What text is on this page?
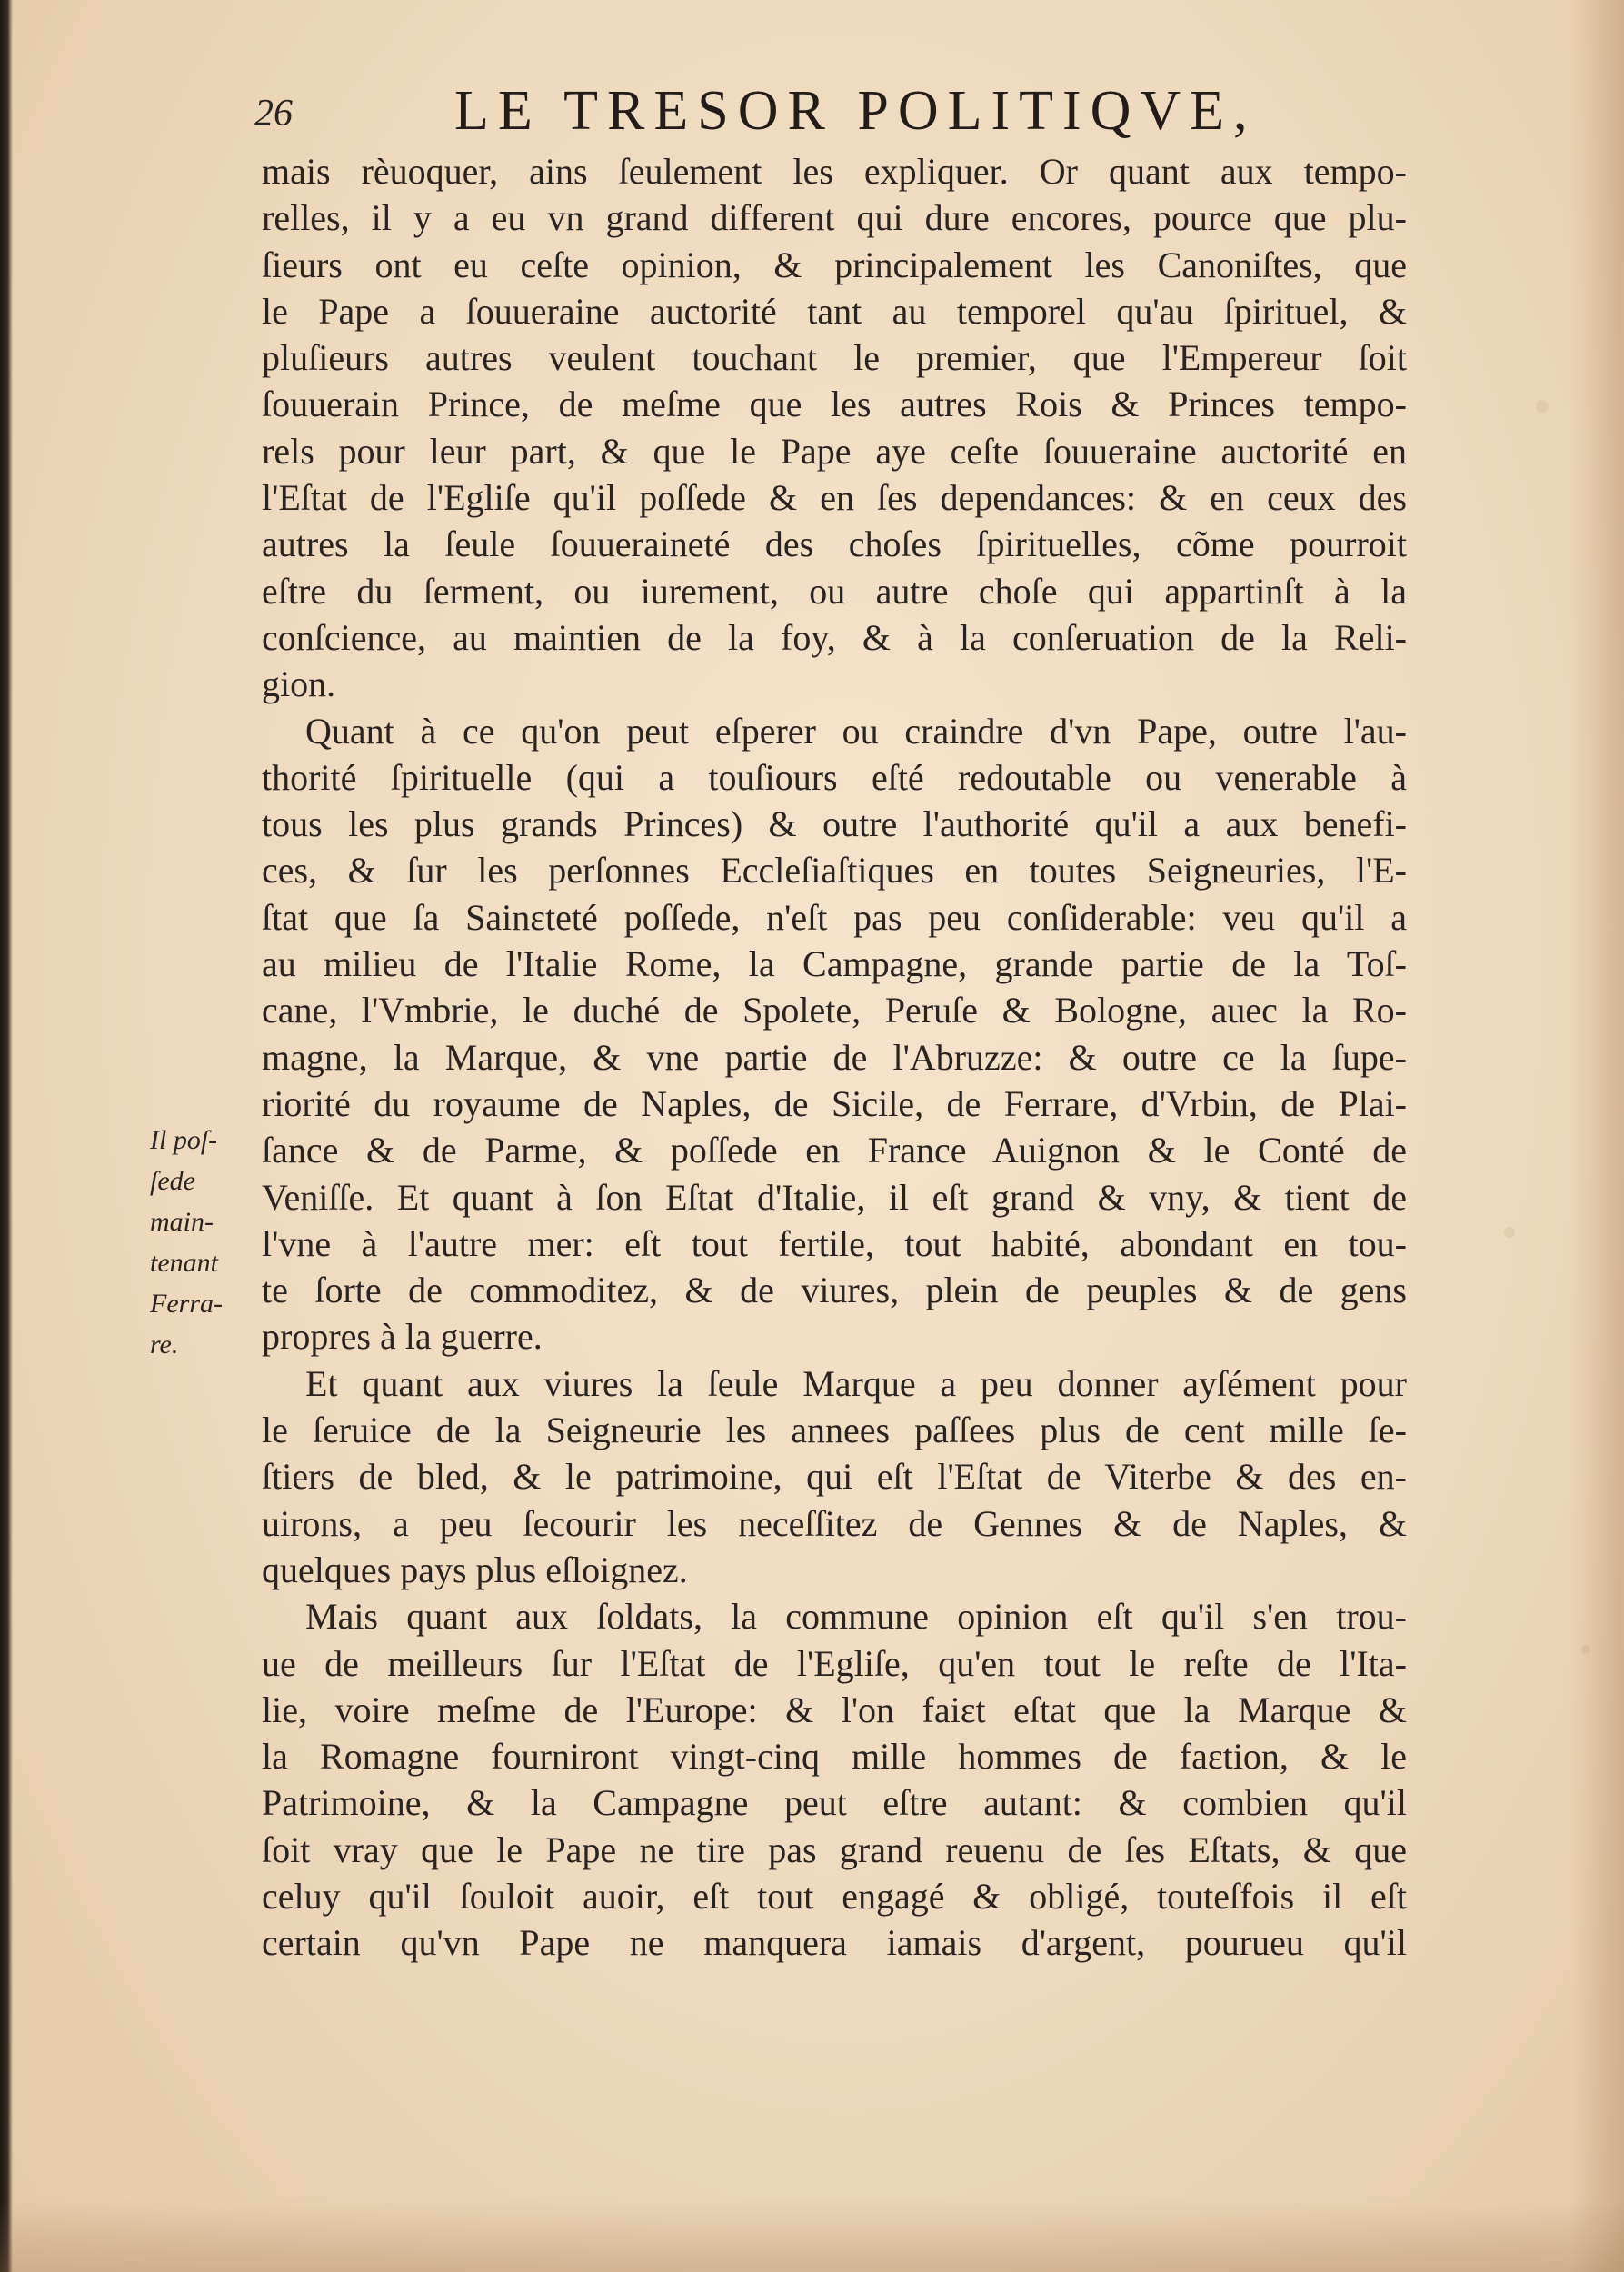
26	LE TRESOR POLITIQVE,
mais rèuoquer, ains ſeulement les expliquer. Or quant aux tempo-
relles, il y a eu vn grand different qui dure encores, pource que plu-
ſieurs ont eu ceſte opinion, & principalement les Canoniſtes, que
le Pape a ſouueraine auctorité tant au temporel qu'au ſpirituel, &
pluſieurs autres veulent touchant le premier, que l'Empereur ſoit
ſouuerain Prince, de meſme que les autres Rois & Princes tempo-
rels pour leur part, & que le Pape aye ceſte ſouueraine auctorité en
l'Eſtat de l'Egliſe qu'il poſſede & en ſes dependances: & en ceux des
autres la ſeule ſouueraineté des choſes ſpirituelles, cõme pourroit
eſtre du ſerment, ou iurement, ou autre choſe qui appartinſt à la
conſcience, au maintien de la foy, & à la conſeruation de la Reli-
gion.
Quant à ce qu'on peut eſperer ou craindre d'vn Pape, outre l'au-
thorité ſpirituelle (qui a touſiours eſté redoutable ou venerable à
tous les plus grands Princes) & outre l'authorité qu'il a aux benefi-
ces, & ſur les perſonnes Eccleſiaſtiques en toutes Seigneuries, l'E-
ſtat que ſa Sainɛteté poſſede, n'eſt pas peu conſiderable: veu qu'il a
au milieu de l'Italie Rome, la Campagne, grande partie de la Toſ-
cane, l'Vmbrie, le duché de Spolete, Peruſe & Bologne, auec la Ro-
magne, la Marque, & vne partie de l'Abruzze: & outre ce la ſupe-
riorité du royaume de Naples, de Sicile, de Ferrare, d'Vrbin, de Plai-
ſance & de Parme, & poſſede en France Auignon & le Conté de
Veniſſe. Et quant à ſon Eſtat d'Italie, il eſt grand & vny, & tient de
l'vne à l'autre mer: eſt tout fertile, tout habité, abondant en tou-
te ſorte de commoditez, & de viures, plein de peuples & de gens
propres à la guerre.
Et quant aux viures la ſeule Marque a peu donner ayſément pour
le ſeruice de la Seigneurie les annees paſſees plus de cent mille ſe-
ſtiers de bled, & le patrimoine, qui eſt l'Eſtat de Viterbe & des en-
uirons, a peu ſecourir les neceſſitez de Gennes & de Naples, &
quelques pays plus eſloignez.
Mais quant aux ſoldats, la commune opinion eſt qu'il s'en trou-
ue de meilleurs ſur l'Eſtat de l'Egliſe, qu'en tout le reſte de l'Ita-
lie, voire meſme de l'Europe: & l'on faiɛt eſtat que la Marque &
la Romagne fourniront vingt-cinq mille hommes de faɛtion, & le
Patrimoine, & la Campagne peut eſtre autant: & combien qu'il
ſoit vray que le Pape ne tire pas grand reuenu de ſes Eſtats, & que
celuy qu'il ſouloit auoir, eſt tout engagé & obligé, touteſfois il eſt
certain qu'vn Pape ne manquera iamais d'argent, pourueu qu'il
Il poſ-
ſede
main-
tenant
Ferra-
re.
